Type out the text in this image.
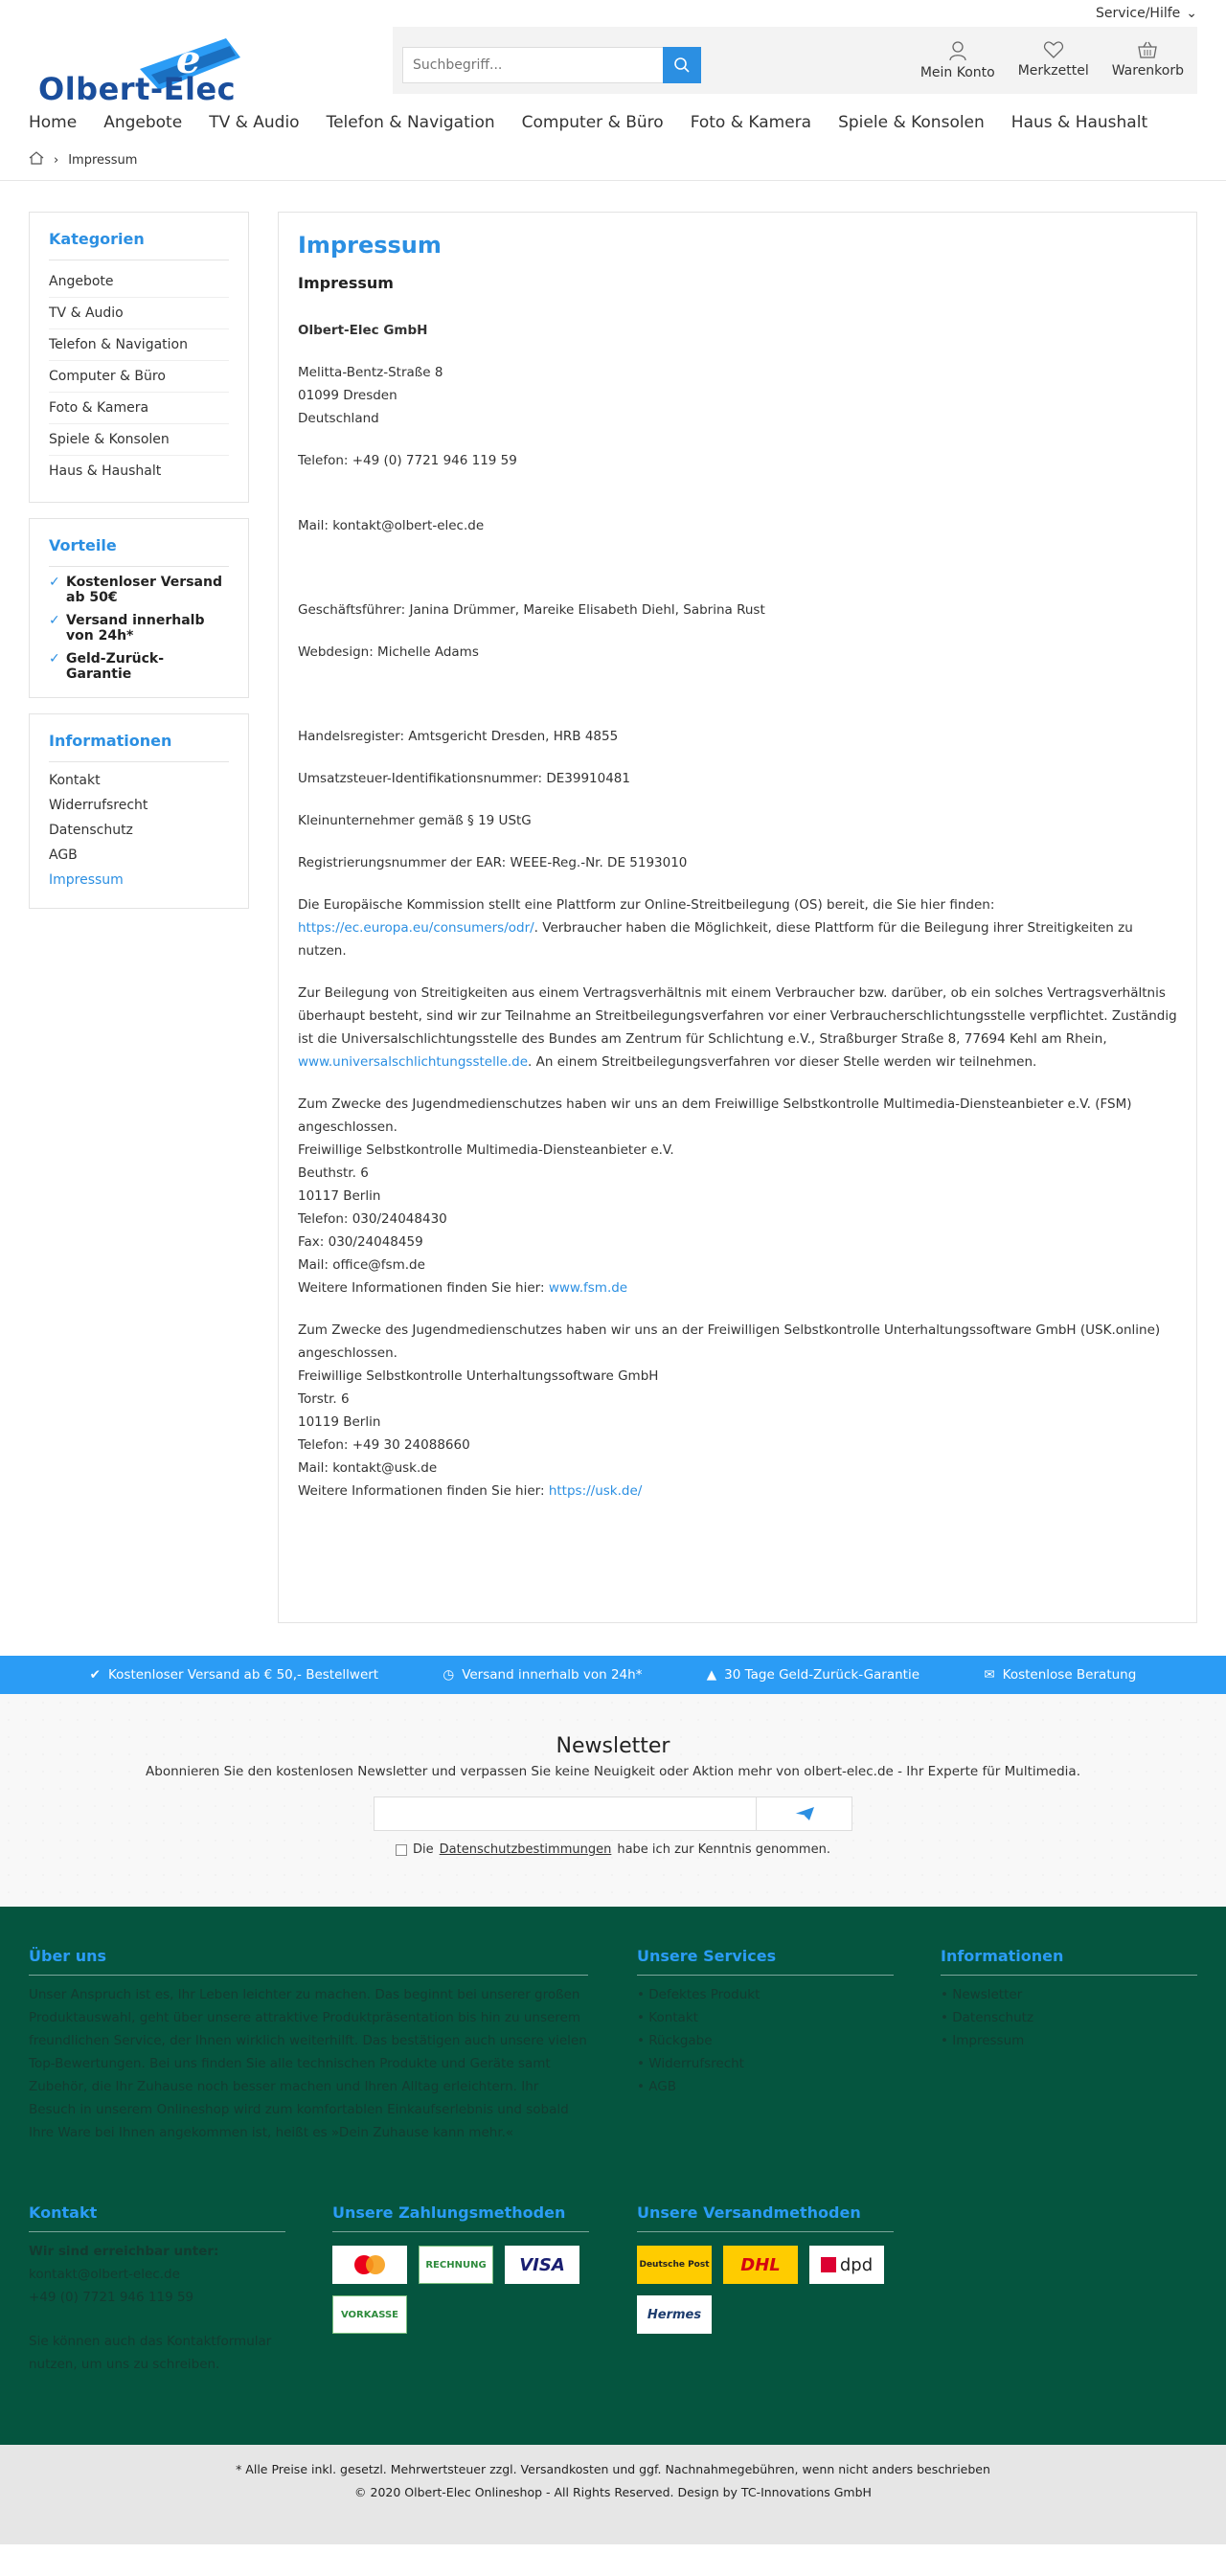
Service/Hilfe ⌄
e
Olbert-Elec
Suchbegriff...	Mein Konto Merkzettel Warenkorb
Home Angebote TV & Audio Telefon & Navigation Computer & Büro Foto & Kamera Spiele & Konsolen Haus & Haushalt
› Impressum
Kategorien
Angebote
TV & Audio
Telefon & Navigation
Computer & Büro
Foto & Kamera
Spiele & Konsolen
Haus & Haushalt
Vorteile
✓ Kostenloser Versand ab 50€
✓ Versand innerhalb von 24h*
✓ Geld-Zurück-Garantie
Informationen
Kontakt
Widerrufsrecht
Datenschutz
AGB
Impressum
Impressum
Impressum

Olbert-Elec GmbH

Melitta-Bentz-Straße 8

01099 Dresden

Deutschland

Telefon: +49 (0) 7721 946 119 59

Mail: kontakt@olbert-elec.de

Geschäftsführer: Janina Drümmer, Mareike Elisabeth Diehl, Sabrina Rust

Webdesign: Michelle Adams

Handelsregister: Amtsgericht Dresden, HRB 4855

Umsatzsteuer-Identifikationsnummer: DE39910481

Kleinunternehmer gemäß § 19 UStG

Registrierungsnummer der EAR: WEEE-Reg.-Nr. DE 5193010

Die Europäische Kommission stellt eine Plattform zur Online-Streitbeilegung (OS) bereit, die Sie hier finden: https://ec.europa.eu/consumers/odr/. Verbraucher haben die Möglichkeit, diese Plattform für die Beilegung ihrer Streitigkeiten zu nutzen.

Zur Beilegung von Streitigkeiten aus einem Vertragsverhältnis mit einem Verbraucher bzw. darüber, ob ein solches Vertragsverhältnis überhaupt besteht, sind wir zur Teilnahme an Streitbeilegungsverfahren vor einer Verbraucherschlichtungsstelle verpflichtet. Zuständig ist die Universalschlichtungsstelle des Bundes am Zentrum für Schlichtung e.V., Straßburger Straße 8, 77694 Kehl am Rhein, www.universalschlichtungsstelle.de. An einem Streitbeilegungsverfahren vor dieser Stelle werden wir teilnehmen.

Zum Zwecke des Jugendmedienschutzes haben wir uns an dem Freiwillige Selbstkontrolle Multimedia-Diensteanbieter e.V. (FSM) angeschlossen.

Freiwillige Selbstkontrolle Multimedia-Diensteanbieter e.V.

Beuthstr. 6

10117 Berlin

Telefon: 030/24048430

Fax: 030/24048459

Mail: office@fsm.de

Weitere Informationen finden Sie hier: www.fsm.de

Zum Zwecke des Jugendmedienschutzes haben wir uns an der Freiwilligen Selbstkontrolle Unterhaltungssoftware GmbH (USK.online) angeschlossen.

Freiwillige Selbstkontrolle Unterhaltungssoftware GmbH

Torstr. 6

10119 Berlin

Telefon: +49 30 24088660

Mail: kontakt@usk.de

Weitere Informationen finden Sie hier: https://usk.de/

✔ Kostenloser Versand ab € 50,- Bestellwert	◷ Versand innerhalb von 24h*	▲ 30 Tage Geld-Zurück-Garantie	✉ Kostenlose Beratung
Newsletter

Abonnieren Sie den kostenlosen Newsletter und verpassen Sie keine Neuigkeit oder Aktion mehr von olbert-elec.de - Ihr Experte für Multimedia.

Die Datenschutzbestimmungen habe ich zur Kenntnis genommen.
Über uns

Unser Anspruch ist es, Ihr Leben leichter zu machen. Das beginnt bei unserer großen Produktauswahl, geht über unsere attraktive Produktpräsentation bis hin zu unserem freundlichen Service, der Ihnen wirklich weiterhilft. Das bestätigen auch unsere vielen Top-Bewertungen. Bei uns finden Sie alle technischen Produkte und Geräte samt Zubehör, die Ihr Zuhause noch besser machen und Ihren Alltag erleichtern. Ihr Besuch in unserem Onlineshop wird zum komfortablen Einkaufserlebnis und sobald Ihre Ware bei Ihnen angekommen ist, heißt es »Dein Zuhause kann mehr.«

Unsere Services
• Defektes Produkt
• Kontakt
• Rückgabe
• Widerrufsrecht
• AGB
Informationen
• Newsletter
• Datenschutz
• Impressum
Kontakt

Wir sind erreichbar unter:

kontakt@olbert-elec.de
+49 (0) 7721 946 119 59

Sie können auch das Kontaktformular nutzen, um uns zu schreiben.

Unsere Zahlungsmethoden
RECHNUNG	VISA
VORKASSE
Unsere Versandmethoden
Deutsche Post	DHL	dpd
Hermes

* Alle Preise inkl. gesetzl. Mehrwertsteuer zzgl. Versandkosten und ggf. Nachnahmegebühren, wenn nicht anders beschrieben

© 2020 Olbert-Elec Onlineshop - All Rights Reserved. Design by TC-Innovations GmbH
